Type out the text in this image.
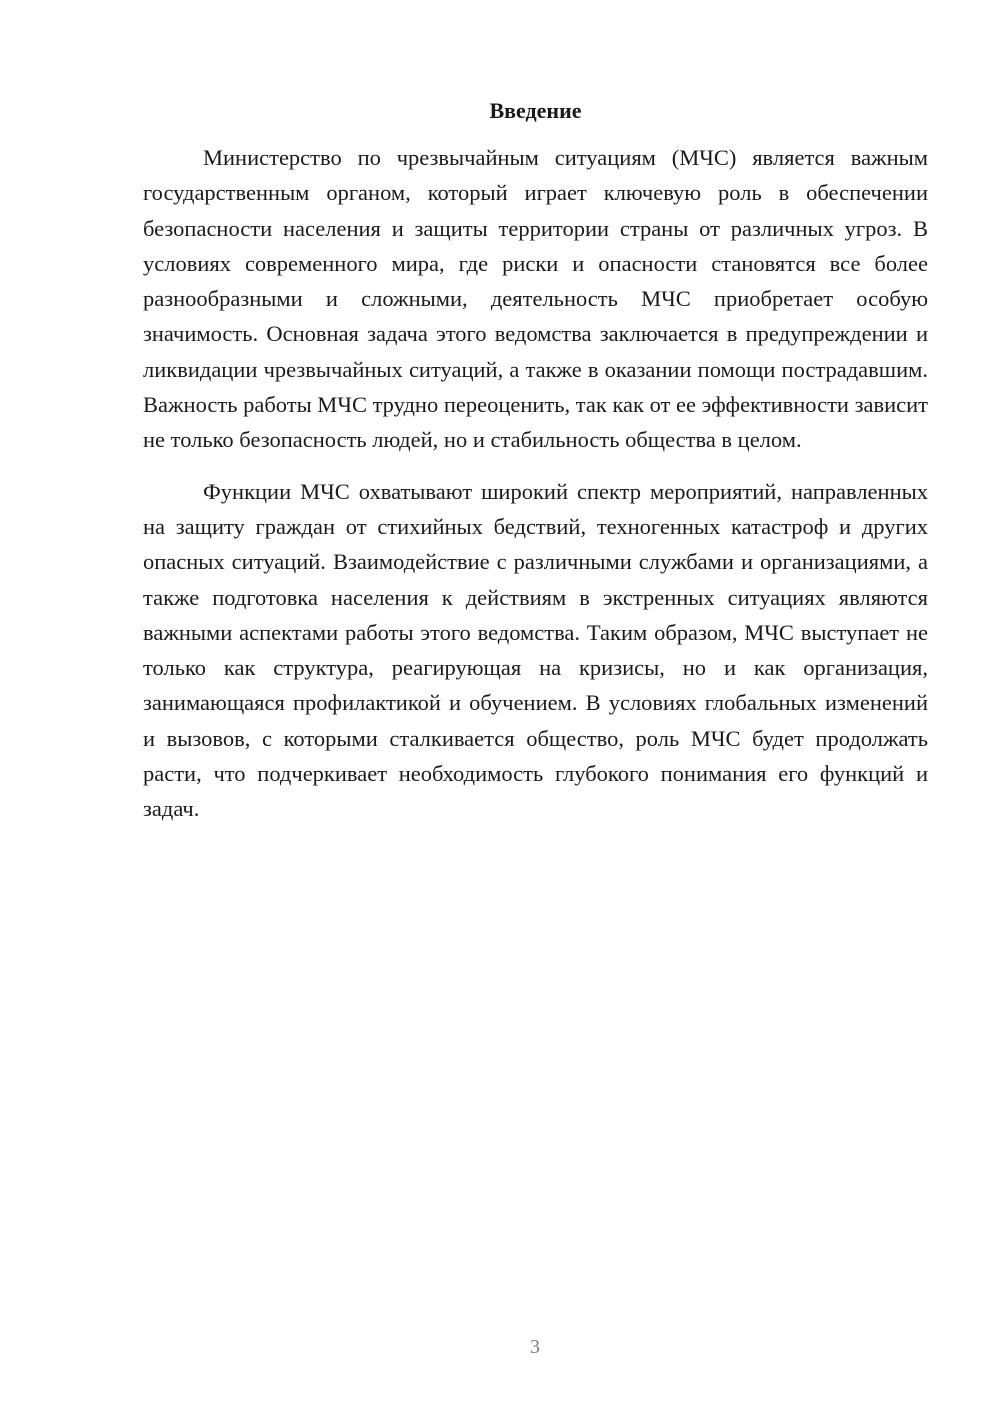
Введение

Министерство по чрезвычайным ситуациям (МЧС) является важным государственным органом, который играет ключевую роль в обеспечении безопасности населения и защиты территории страны от различных угроз. В условиях современного мира, где риски и опасности становятся все более разнообразными и сложными, деятельность МЧС приобретает особую значимость. Основная задача этого ведомства заключается в предупреждении и ликвидации чрезвычайных ситуаций, а также в оказании помощи пострадавшим. Важность работы МЧС трудно переоценить, так как от ее эффективности зависит не только безопасность людей, но и стабильность общества в целом.

Функции МЧС охватывают широкий спектр мероприятий, направленных на защиту граждан от стихийных бедствий, техногенных катастроф и других опасных ситуаций. Взаимодействие с различными службами и организациями, а также подготовка населения к действиям в экстренных ситуациях являются важными аспектами работы этого ведомства. Таким образом, МЧС выступает не только как структура, реагирующая на кризисы, но и как организация, занимающаяся профилактикой и обучением. В условиях глобальных изменений и вызовов, с которыми сталкивается общество, роль МЧС будет продолжать расти, что подчеркивает необходимость глубокого понимания его функций и задач.

3
